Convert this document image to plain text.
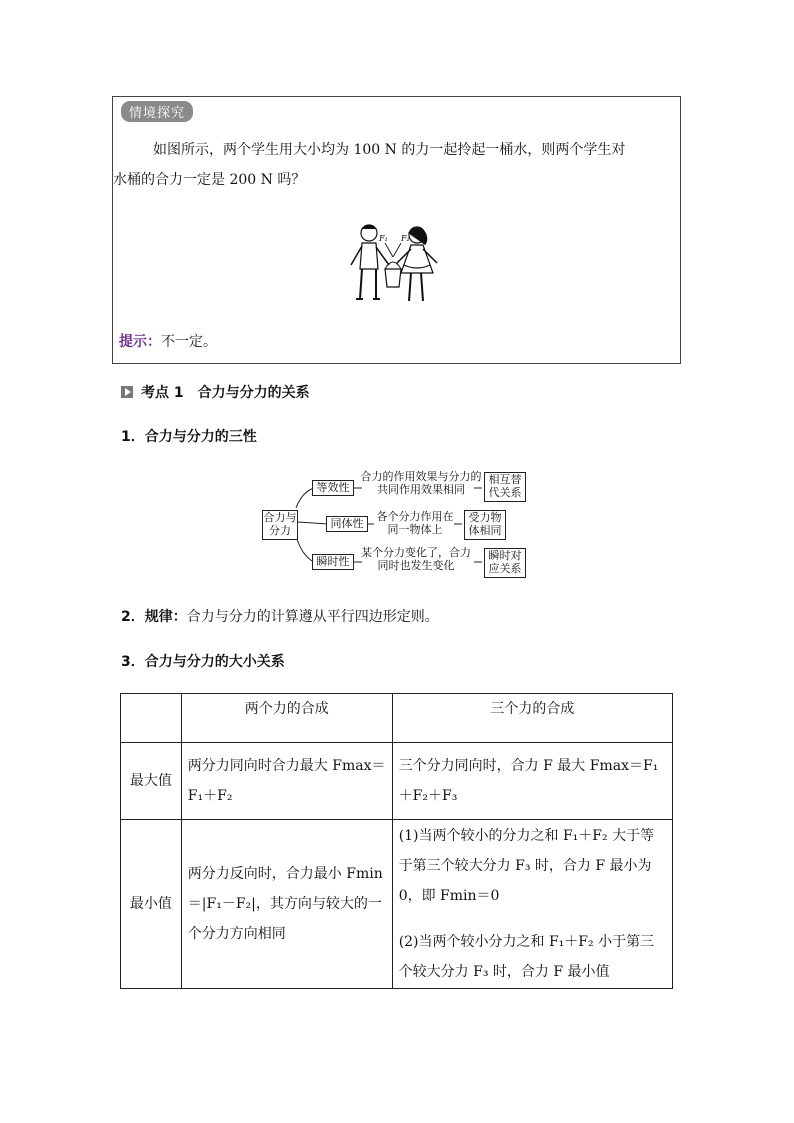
情境探究
如图所示，两个学生用大小均为 100 N 的力一起拎起一桶水，则两个学生对
水桶的合力一定是 200 N 吗？
F₁ F₂
提示：不一定。
考点 1　合力与分力的关系
1．合力与分力的三性
合力与分力
等效性
合力的作用效果与分力的共同作用效果相同
相互替代关系
同体性
各个分力作用在同一物体上
受力物体相同
瞬时性
某个分力变化了，合力同时也发生变化
瞬时对应关系
2．规律：合力与分力的计算遵从平行四边形定则。
3．合力与分力的大小关系
	两个力的合成	三个力的合成
最大值	两分力同向时合力最大 Fmax＝F₁＋F₂	三个分力同向时，合力 F 最大 Fmax＝F₁＋F₂＋F₃
最小值	两分力反向时，合力最小 Fmin＝|F₁－F₂|，其方向与较大的一个分力方向相同	(1)当两个较小的分力之和 F₁＋F₂ 大于等于第三个较大分力 F₃ 时，合力 F 最小为 0，即 Fmin＝0
(2)当两个较小分力之和 F₁＋F₂ 小于第三个较大分力 F₃ 时，合力 F 最小值
